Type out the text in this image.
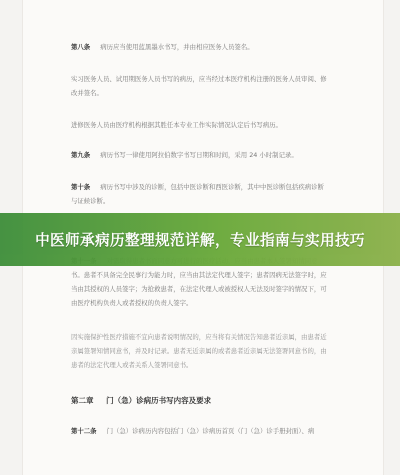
第八条 病历应当使用蓝黑墨水书写，并由相应医务人员签名。
实习医务人员、试用期医务人员书写的病历，应当经过本医疗机构注册的医务人员审阅、修改并签名。
进修医务人员由医疗机构根据其胜任本专业工作实际情况认定后书写病历。
第九条 病历书写一律使用阿拉伯数字书写日期和时间，采用 24 小时制记录。
第十条 病历书写中涉及的诊断，包括中医诊断和西医诊断，其中中医诊断包括疾病诊断与证候诊断。
书。患者不具备完全民事行为能力时，应当由其法定代理人签字；患者因病无法签字时，应当由其授权的人员签字；为抢救患者，在法定代理人或被授权人无法及时签字的情况下，可由医疗机构负责人或者授权的负责人签字。
因实施保护性医疗措施不宜向患者说明情况的，应当将有关情况告知患者近亲属，由患者近亲属签署知情同意书，并及时记录。患者无近亲属的或者患者近亲属无法签署同意书的，由患者的法定代理人或者关系人签署同意书。
第二章 门（急）诊病历书写内容及要求
第十二条 门（急）诊病历内容包括门（急）诊病历首页（门（急）诊手册封面）、病
中医师承病历整理规范详解，专业指南与实用技巧
